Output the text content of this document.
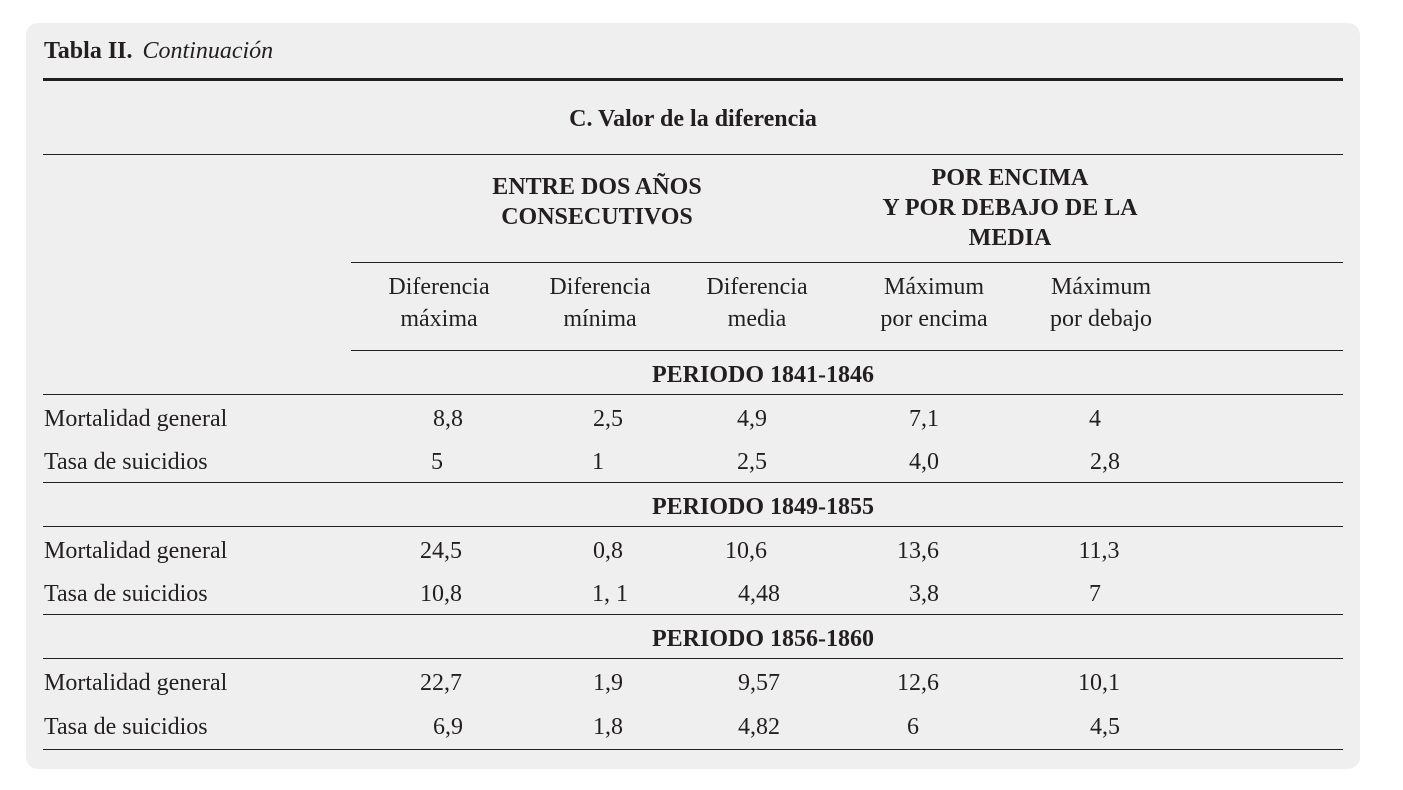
Tabla II. Continuación
C. Valor de la diferencia
ENTRE DOS AÑOS
CONSECUTIVOS
POR ENCIMA
Y POR DEBAJO DE LA
MEDIA
Diferencia
máxima
Diferencia
mínima
Diferencia
media
Máximum
por encima
Máximum
por debajo
PERIODO 1841-1846
Mortalidad general	8,8	2,5	4,9	7,1	4
Tasa de suicidios	5	1	2,5	4,0	2,8
PERIODO 1849-1855
Mortalidad general	24,5	0,8	10,6	13,6	11,3
Tasa de suicidios	10,8	1, 1	4,48	3,8	7
PERIODO 1856-1860
Mortalidad general	22,7	1,9	9,57	12,6	10,1
Tasa de suicidios	6,9	1,8	4,82	6	4,5
